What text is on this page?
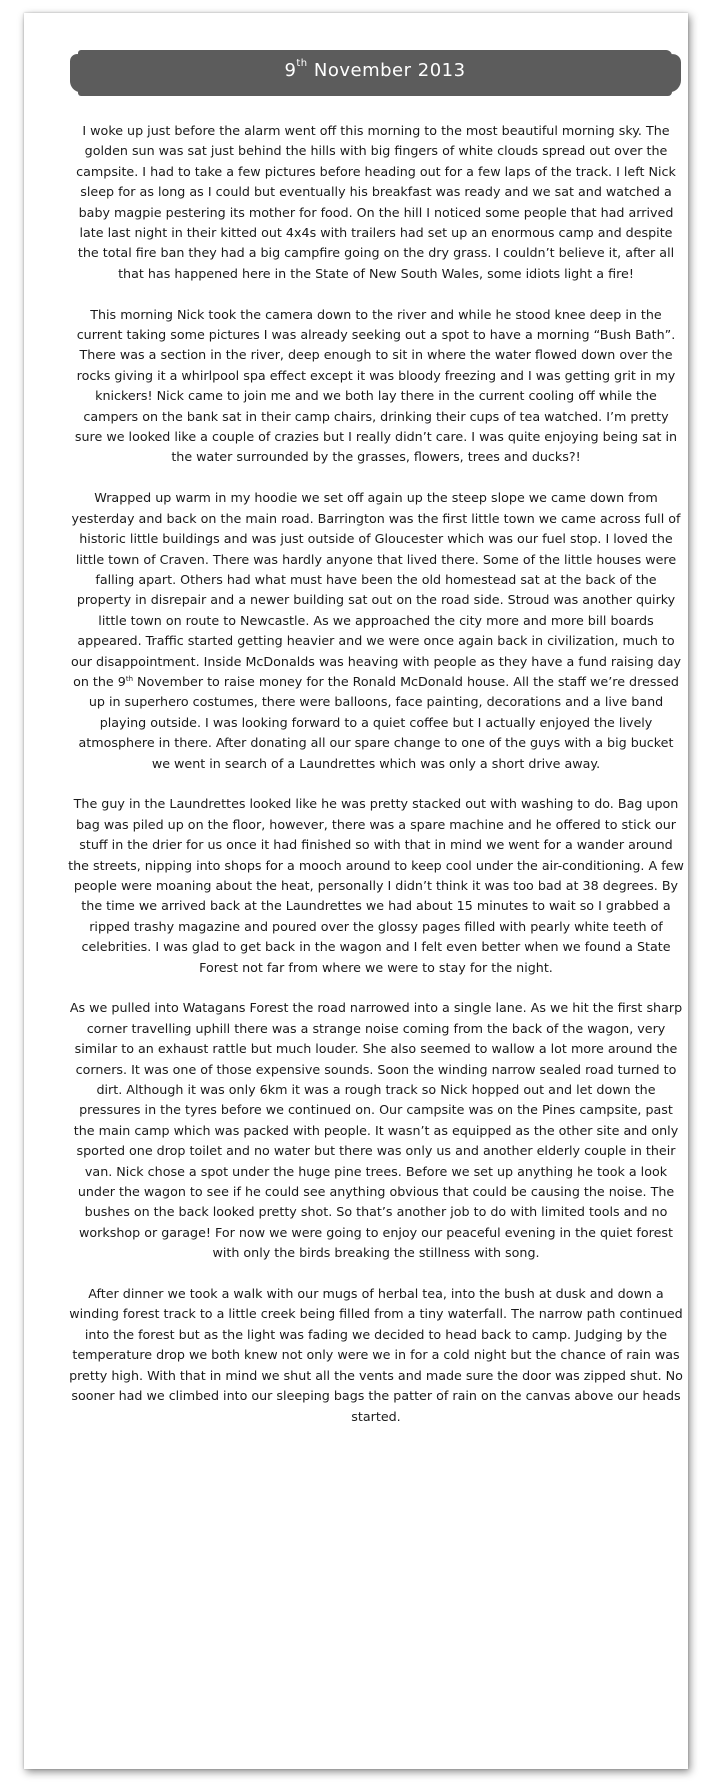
9th November 2013

I woke up just before the alarm went off this morning to the most beautiful morning sky. The golden sun was sat just behind the hills with big fingers of white clouds spread out over the campsite. I had to take a few pictures before heading out for a few laps of the track. I left Nick sleep for as long as I could but eventually his breakfast was ready and we sat and watched a baby magpie pestering its mother for food. On the hill I noticed some people that had arrived late last night in their kitted out 4x4s with trailers had set up an enormous camp and despite the total fire ban they had a big campfire going on the dry grass. I couldn’t believe it, after all that has happened here in the State of New South Wales, some idiots light a fire!

This morning Nick took the camera down to the river and while he stood knee deep in the current taking some pictures I was already seeking out a spot to have a morning “Bush Bath”. There was a section in the river, deep enough to sit in where the water flowed down over the rocks giving it a whirlpool spa effect except it was bloody freezing and I was getting grit in my knickers! Nick came to join me and we both lay there in the current cooling off while the campers on the bank sat in their camp chairs, drinking their cups of tea watched. I’m pretty sure we looked like a couple of crazies but I really didn’t care. I was quite enjoying being sat in the water surrounded by the grasses, flowers, trees and ducks?!

Wrapped up warm in my hoodie we set off again up the steep slope we came down from yesterday and back on the main road. Barrington was the first little town we came across full of historic little buildings and was just outside of Gloucester which was our fuel stop. I loved the little town of Craven. There was hardly anyone that lived there. Some of the little houses were falling apart. Others had what must have been the old homestead sat at the back of the property in disrepair and a newer building sat out on the road side. Stroud was another quirky little town on route to Newcastle. As we approached the city more and more bill boards appeared. Traffic started getting heavier and we were once again back in civilization, much to our disappointment. Inside McDonalds was heaving with people as they have a fund raising day on the 9th November to raise money for the Ronald McDonald house. All the staff we’re dressed up in superhero costumes, there were balloons, face painting, decorations and a live band playing outside. I was looking forward to a quiet coffee but I actually enjoyed the lively atmosphere in there. After donating all our spare change to one of the guys with a big bucket we went in search of a Laundrettes which was only a short drive away.

The guy in the Laundrettes looked like he was pretty stacked out with washing to do. Bag upon bag was piled up on the floor, however, there was a spare machine and he offered to stick our stuff in the drier for us once it had finished so with that in mind we went for a wander around the streets, nipping into shops for a mooch around to keep cool under the air-conditioning. A few people were moaning about the heat, personally I didn’t think it was too bad at 38 degrees. By the time we arrived back at the Laundrettes we had about 15 minutes to wait so I grabbed a ripped trashy magazine and poured over the glossy pages filled with pearly white teeth of celebrities. I was glad to get back in the wagon and I felt even better when we found a State Forest not far from where we were to stay for the night.

As we pulled into Watagans Forest the road narrowed into a single lane. As we hit the first sharp corner travelling uphill there was a strange noise coming from the back of the wagon, very similar to an exhaust rattle but much louder. She also seemed to wallow a lot more around the corners. It was one of those expensive sounds. Soon the winding narrow sealed road turned to dirt. Although it was only 6km it was a rough track so Nick hopped out and let down the pressures in the tyres before we continued on. Our campsite was on the Pines campsite, past the main camp which was packed with people. It wasn’t as equipped as the other site and only sported one drop toilet and no water but there was only us and another elderly couple in their van. Nick chose a spot under the huge pine trees. Before we set up anything he took a look under the wagon to see if he could see anything obvious that could be causing the noise. The bushes on the back looked pretty shot. So that’s another job to do with limited tools and no workshop or garage! For now we were going to enjoy our peaceful evening in the quiet forest with only the birds breaking the stillness with song.

After dinner we took a walk with our mugs of herbal tea, into the bush at dusk and down a winding forest track to a little creek being filled from a tiny waterfall. The narrow path continued into the forest but as the light was fading we decided to head back to camp. Judging by the temperature drop we both knew not only were we in for a cold night but the chance of rain was pretty high. With that in mind we shut all the vents and made sure the door was zipped shut. No sooner had we climbed into our sleeping bags the patter of rain on the canvas above our heads started.
